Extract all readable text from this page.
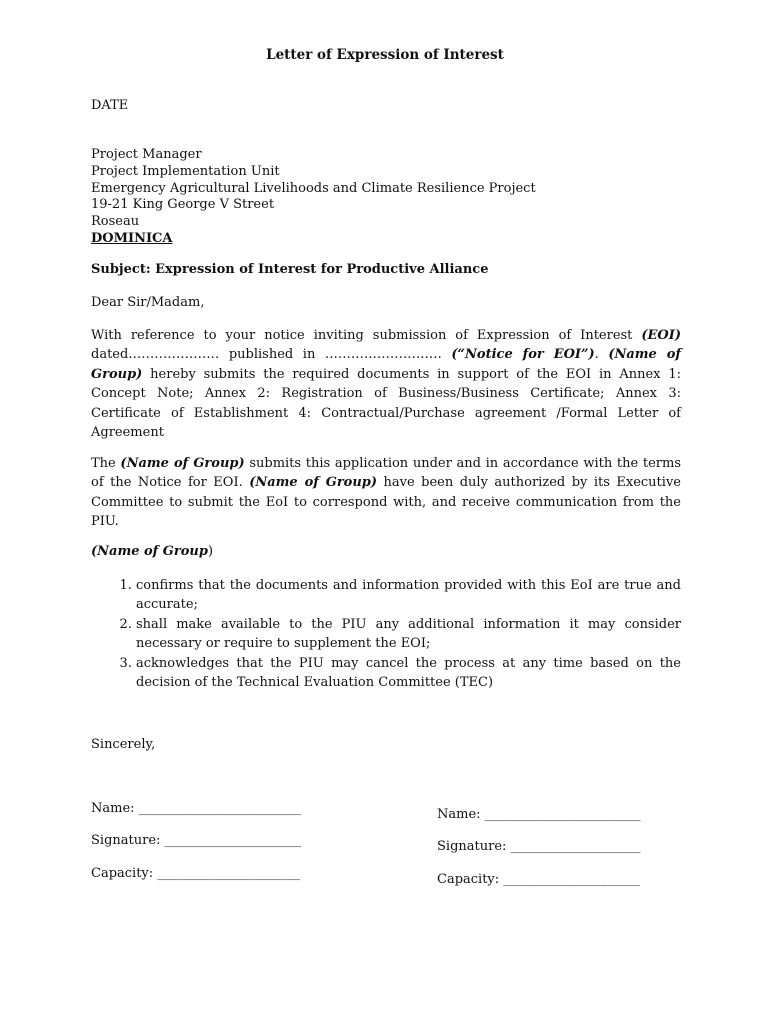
Letter of Expression of Interest
DATE
Project Manager
Project Implementation Unit
Emergency Agricultural Livelihoods and Climate Resilience Project
19-21 King George V Street
Roseau
DOMINICA
Subject: Expression of Interest for Productive Alliance
Dear Sir/Madam,
With reference to your notice inviting submission of Expression of Interest (EOI) dated………………… published in ……………………… (“Notice for EOI”). (Name of Group) hereby submits the required documents in support of the EOI in Annex 1: Concept Note; Annex 2: Registration of Business/Business Certificate; Annex 3: Certificate of Establishment 4: Contractual/Purchase agreement /Formal Letter of Agreement
The (Name of Group) submits this application under and in accordance with the terms of the Notice for EOI. (Name of Group) have been duly authorized by its Executive Committee to submit the EoI to correspond with, and receive communication from the PIU.
(Name of Group)
1. confirms that the documents and information provided with this EoI are true and accurate;
2. shall make available to the PIU any additional information it may consider necessary or require to supplement the EOI;
3. acknowledges that the PIU may cancel the process at any time based on the decision of the Technical Evaluation Committee (TEC)
Sincerely,
Name: _________________________
Signature: _____________________
Capacity: ______________________
Name: ________________________
Signature: ____________________
Capacity: _____________________
